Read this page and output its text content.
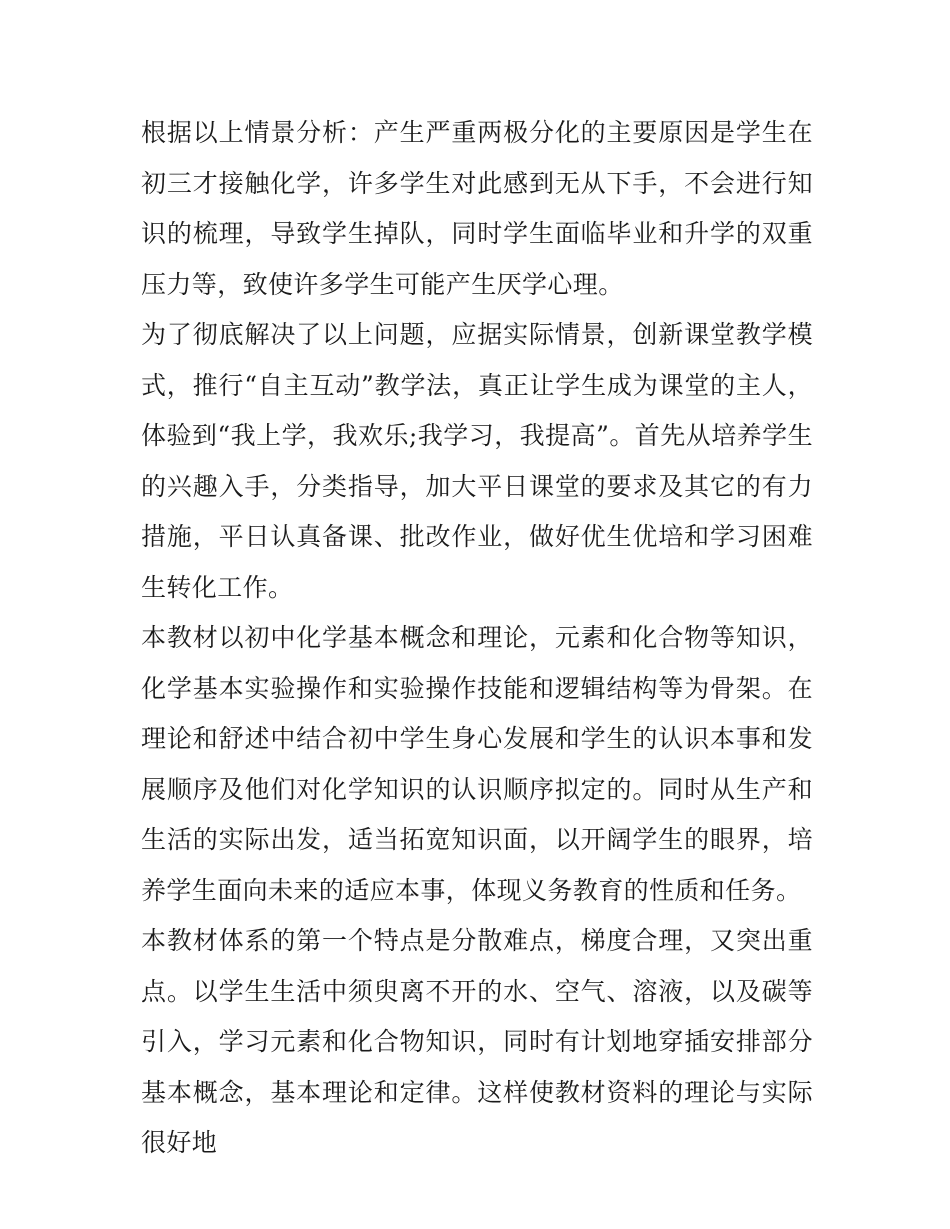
根据以上情景分析：产生严重两极分化的主要原因是学生在初三才接触化学，许多学生对此感到无从下手，不会进行知识的梳理，导致学生掉队，同时学生面临毕业和升学的双重压力等，致使许多学生可能产生厌学心理。

为了彻底解决了以上问题，应据实际情景，创新课堂教学模式，推行“自主互动”教学法，真正让学生成为课堂的主人，体验到“我上学，我欢乐;我学习，我提高”。首先从培养学生的兴趣入手，分类指导，加大平日课堂的要求及其它的有力措施，平日认真备课、批改作业，做好优生优培和学习困难生转化工作。

本教材以初中化学基本概念和理论，元素和化合物等知识，化学基本实验操作和实验操作技能和逻辑结构等为骨架。在理论和舒述中结合初中学生身心发展和学生的认识本事和发展顺序及他们对化学知识的认识顺序拟定的。同时从生产和生活的实际出发，适当拓宽知识面，以开阔学生的眼界，培养学生面向未来的适应本事，体现义务教育的性质和任务。

本教材体系的第一个特点是分散难点，梯度合理，又突出重点。以学生生活中须臾离不开的水、空气、溶液，以及碳等引入，学习元素和化合物知识，同时有计划地穿插安排部分基本概念，基本理论和定律。这样使教材资料的理论与实际很好地
